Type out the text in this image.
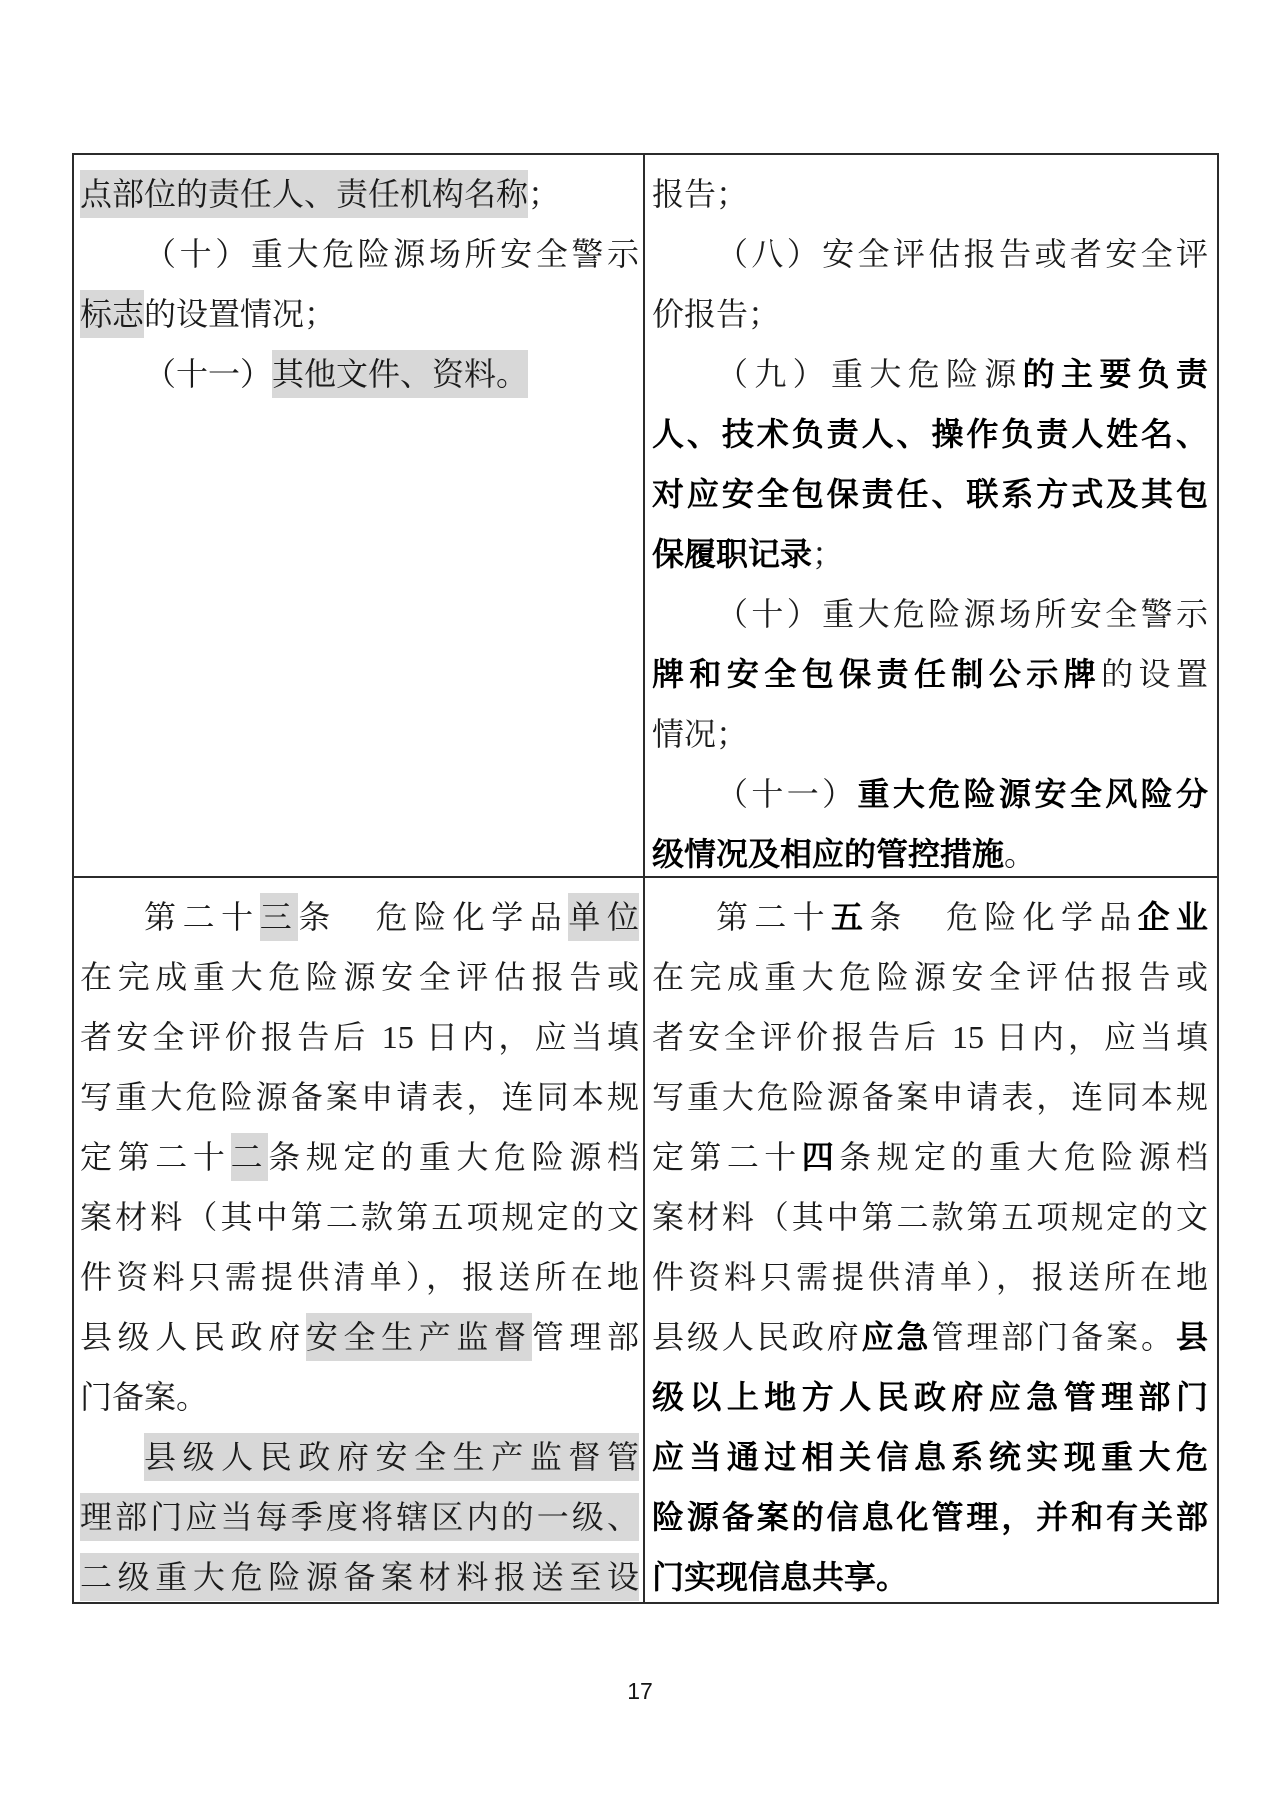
点部位的责任人、责任机构名称；
（十）重大危险源场所安全警示
标志的设置情况；
（十一）其他文件、资料。
报告；
（八）安全评估报告或者安全评
价报告；
（九）重大危险源的主要负责
人、技术负责人、操作负责人姓名、
对应安全包保责任、联系方式及其包
保履职记录；
（十）重大危险源场所安全警示
牌和安全包保责任制公示牌的设置
情况；
（十一）重大危险源安全风险分
级情况及相应的管控措施。
第二十三条　 危险化学品单位
在完成重大危险源安全评估报告或
者安全评价报告后 15 日内，应当填
写重大危险源备案申请表，连同本规
定第二十二条规定的重大危险源档
案材料（其中第二款第五项规定的文
件资料只需提供清单），报送所在地
县级人民政府安全生产监督管理部
门备案。
县级人民政府安全生产监督管
理部门应当每季度将辖区内的一级、
二级重大危险源备案材料报送至设
第二十五条　 危险化学品企业
在完成重大危险源安全评估报告或
者安全评价报告后 15 日内，应当填
写重大危险源备案申请表，连同本规
定第二十四条规定的重大危险源档
案材料（其中第二款第五项规定的文
件资料只需提供清单），报送所在地
县级人民政府应急管理部门备案。县
级以上地方人民政府应急管理部门
应当通过相关信息系统实现重大危
险源备案的信息化管理，并和有关部
门实现信息共享。
17
